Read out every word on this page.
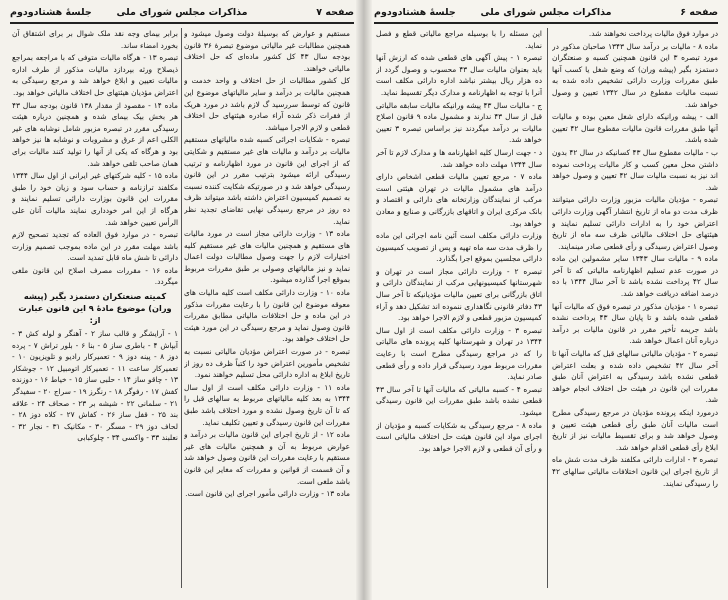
صفحه ۷
مذاکرات مجلس شورای ملی
جلسهٔ هشتادودوم
مستقیم و عوارض که بوسیلهٔ دولت وصول میشود و همچنین مطالبات غیر مالیاتی موضوع تبصرهٔ ۳۶ قانون بودجه سال ۴۳ کل کشور ماده‌ای که حل اختلاف مالیاتی خواهند.
کل کشور مطالبات از حل اختلاف و واحد خدمت و همچنین مالیات بر درآمد و سایر مالیاتهای موضوع این قانون که توسط سررسید گ لازم باشد در مورد هریک از فقرات ذکر شده آراء صادره هیئتهای حل اختلاف قطعی و لازم الاجرا میباشد.
تبصره - شکایات اجرائی کسبه شده مالیاتهای مستقیم مالیات بر درآمد و مالیات های غیر مستقیم و شکایتی که از اجرای این قانون در مورد اظهارنامه و ترتیب رسیدگی ارائه میشود بترتیب مقرر در این قانون رسیدگی خواهد شد و در صورتیکه شکایت کننده نسبت به تصمیم کمیسیون اعتراض داشته باشد میتواند ظرف ده روز در مرجع رسیدگی نهایی تقاضای تجدید نظر نماید.
ماده ۱۳ - وزارت دارائی مجاز است در مورد مالیات های مستقیم و همچنین مالیات های غیر مستقیم کلیه اختیارات لازم را جهت وصول مطالبات دولت اعمال نماید و نیز مالیاتهای وصولی بر طبق مقررات مربوط بموقع اجرا گذارده میشود.
ماده ۱۰ - وزارت دارائی مکلف است کلیه مالیات های معوقه موضوع این قانون را با رعایت مقررات مذکور در این ماده و حل اختلافات مالیاتی مطابق مقررات قانون وصول نماید و مرجع رسیدگی در این مورد هیئت حل اختلاف خواهد بود.
تبصره - در صورت اعتراض مؤدیان مالیاتی نسبت به تشخیص مأمورین اعتراض خود را کتباً ظرف ده روز از تاریخ ابلاغ به اداره دارائی محل تسلیم خواهند نمود.
ماده ۱۱ - وزارت دارائی مکلف است از اول سال ۱۳۴۴ به بعد کلیه مالیاتهای مربوط به سالهای قبل را که تا آن تاریخ وصول نشده و مورد اختلاف باشد طبق مقررات این قانون رسیدگی و تعیین تکلیف نماید.
ماده ۱۲ - از تاریخ اجرای این قانون مالیات بر درآمد و عوارض مربوط به آن و همچنین مالیات های غیر مستقیم با رعایت مقررات این قانون وصول خواهد شد و آن قسمت از قوانین و مقررات که مغایر این قانون باشد ملغی است.
ماده ۱۳ - وزارت دارائی مأمور اجرای این قانون است.
برابر بیمای وجه نقد ملک شوال بر برای اشتقاق آن بخورد امضاء ساند.
تبصره ۱۳ - هرگاه مالیات متوفی که با مراجعه بمراجع ذیصلاح ورثه بپردازد مالیات مذکور از طرف اداره مالیات تعیین و ابلاغ خواهد شد و مرجع رسیدگی به اعتراض مؤدیان هیئتهای حل اختلاف مالیاتی خواهد بود.
ماده ۱۴ - مقصود از مقدار ۱۳۸ قانون بودجه سال ۴۳ هر بخش بیک بیمای شده و همچنین درباره هیئت رسیدگی مقرر در تبصره مزبور شامل نوشابه های غیر الکلی اعم از عرق و مشروبات و نوشابه ها نیز خواهد بود و هرگاه که یکی از آنها را تولید کنند مالیات برای همان صاحب تلقی خواهد شد.
ماده ۱۵ - کلیه شرکتهای غیر ایرانی از اول سال ۱۳۴۴ مکلفند ترازنامه و حساب سود و زیان خود را طبق مقررات این قانون بوزارت دارائی تسلیم نمایند و هرگاه از این امر خودداری نمایند مالیات آنان علی الرأس تعیین خواهد شد.
تبصره - در موارد فوق العاده که تجدید تصحیح لازم باشد مهلت مقرر در این ماده بموجب تصمیم وزارت دارائی تا شش ماه قابل تمدید است.
ماده ۱۶ - مقررات مصرف اصلاح این قانون ملغی میگردد.
کمیته صنعتکران دستمزد بگیر (پیشه وران) موضوع مادهٔ ۹ این قانون عبارت از:
۱ - آرایشگر و قالب ساز ۲ - آهنگر و لوله کش ۳ - آبپاش ۴ - باطری ساز ۵ - بنا ۶ - بلور تراش ۷ - پرده دوز ۸ - پینه دوز ۹ - تعمیرکار رادیو و تلویزیون ۱۰ - تعمیرکار ساعت ۱۱ - تعمیرکار اتومبیل ۱۲ - جوشکار ۱۳ - چاقو ساز ۱۴ - حلبی ساز ۱۵ - خیاط ۱۶ - دوزنده کفش ۱۷ - رفوگر ۱۸ - رنگرز ۱۹ - سراج ۲۰ - سفیدگر ۲۱ - سلمانی ۲۲ - شیشه بر ۲۳ - صحاف ۲۴ - علاقه بند ۲۵ - قفل ساز ۲۶ - کفاش ۲۷ - کلاه دوز ۲۸ - لحاف دوز ۲۹ - مسگر ۳۰ - مکانیک ۳۱ - نجار ۳۲ - نعلبند ۳۳ - واکسی ۳۴ - چلوکبابی
صفحه ۶
مذاکرات مجلس شورای ملی
جلسهٔ هشتادودوم
در موارد فوق مالیات پرداخت نخواهند شد.
ماده ۸ - مالیات بر درآمد سال ۱۳۴۳ صاحبان مذکور در مورد تبصره ۳ این قانون همچنین کسبه و صنعتگران دستمزد بگیر (پیشه وران) که وضع شغل یا کسب آنها طبق مقررات وزارت دارائی تشخیص داده شده به نسبت مالیات مقطوع در سال ۱۳۴۲ تعیین و وصول خواهد شد.
الف - پیشه ورانیکه دارای شغل معین بوده و مالیات آنها طبق مقررات قانون مالیات مقطوع سال ۴۲ تعیین شده باشد.
ب - مالیات مقطوع سال ۴۳ کسانیکه در سال ۴۲ بدون داشتن محل معین کسب و کار مالیات پرداخت نموده اند نیز به نسبت مالیات سال ۴۲ تعیین و وصول خواهد شد.
تبصره - مؤدیان مالیات مزبور وزارت دارائی میتوانند ظرف مدت دو ماه از تاریخ انتشار آگهی وزارت دارائی اعتراض خود را به ادارات دارائی تسلیم نمایند و هیئتهای حل اختلاف مالیاتی ظرف سه ماه از تاریخ وصول اعتراض رسیدگی و رأی قطعی صادر مینمایند.
ماده ۹ - مالیات سال ۱۳۴۳ سایر مشمولین این ماده در صورت عدم تسلیم اظهارنامه مالیاتی که تا آخر سال ۴۲ پرداخت نشده باشد تا آخر سال ۱۳۴۴ با ده درصد اضافه دریافت خواهد شد.
تبصره ۱ - مؤدیان مذکور در تبصره فوق که مالیات آنها قطعی شده باشد و تا پایان سال ۴۳ پرداخت نشده باشد جریمه تأخیر مقرر در قانون مالیات بر درآمد درباره آنان اعمال خواهد شد.
تبصره ۲ - مؤدیان مالیاتی سالهای قبل که مالیات آنها تا آخر سال ۴۲ تشخیص داده شده و بعلت اعتراض قطعی نشده باشد رسیدگی به اعتراض آنان طبق مقررات این قانون در هیئت حل اختلاف انجام خواهد شد.
درمورد اینکه پرونده مؤدیان در مرجع رسیدگی مطرح است مالیات آنان طبق رأی قطعی هیئت تعیین و وصول خواهد شد و برای تقسیط مالیات نیز از تاریخ ابلاغ رأی قطعی اقدام خواهد شد.
تبصره ۳ - ادارات دارائی مکلفند ظرف مدت شش ماه از تاریخ اجرای این قانون اختلافات مالیاتی سالهای ۴۲ را رسیدگی نمایند.
این مسئله را با بوسیله مراجع مالیاتی قطع و فصل نماید.
تبصره ۱ - پیش آگهی های قطعی شده که ارزش آنها باید بعنوان مالیات سال ۴۳ محسوب و وصول گردد از ده هزار ریال بیشتر نباشد اداره دارائی مکلف است آنرا با توجه به اظهارنامه و مدارک دیگر تقسیط نماید.
ج - مالیات سال ۴۳ پیشه ورانیکه مالیات سابقه مالیاتی قبل از سال ۴۳ ندارند و مشمول ماده ۹ قانون اصلاح مالیات بر درآمد میگردند نیز براساس تبصره ۳ تعیین خواهد شد.
د - جهت ارسال کلیه اظهارنامه ها و مدارک لازم تا آخر سال ۱۳۴۴ مهلت داده خواهد شد.
ماده ۷ - مرجع تعیین مالیات قطعی اشخاص دارای درآمد های مشمول مالیات در تهران هیئتی است مرکب از نمایندگان وزارتخانه های دارائی و اقتصاد و بانک مرکزی ایران و اتاقهای بازرگانی و صنایع و معادن خواهد بود.
وزارت دارائی مکلف است آئین نامه اجرائی این ماده را ظرف مدت سه ماه تهیه و پس از تصویب کمیسیون دارائی مجلسین بموقع اجرا بگذارد.
تبصره ۲ - وزارت دارائی مجاز است در تهران و شهرستانها کمیسیونهایی مرکب از نمایندگان دارائی و اتاق بازرگانی برای تعیین مالیات مؤدیانیکه تا آخر سال ۴۳ دفاتر قانونی نگاهداری ننموده اند تشکیل دهد و آراء کمیسیون مزبور قطعی و لازم الاجرا خواهد بود.
تبصره ۳ - وزارت دارائی مکلف است از اول سال ۱۳۴۴ در تهران و شهرستانها کلیه پرونده های مالیاتی را که در مراجع رسیدگی مطرح است با رعایت مقررات مربوط مورد رسیدگی قرار داده و رأی قطعی صادر نماید.
تبصره ۴ - کسبه مالیاتی که مالیات آنها تا آخر سال ۴۳ قطعی نشده باشد طبق مقررات این قانون رسیدگی میشود.
ماده ۸ - مرجع رسیدگی به شکایات کسبه و مؤدیان از اجرای مواد این قانون هیئت حل اختلاف مالیاتی است و رأی آن قطعی و لازم الاجرا خواهد بود.
